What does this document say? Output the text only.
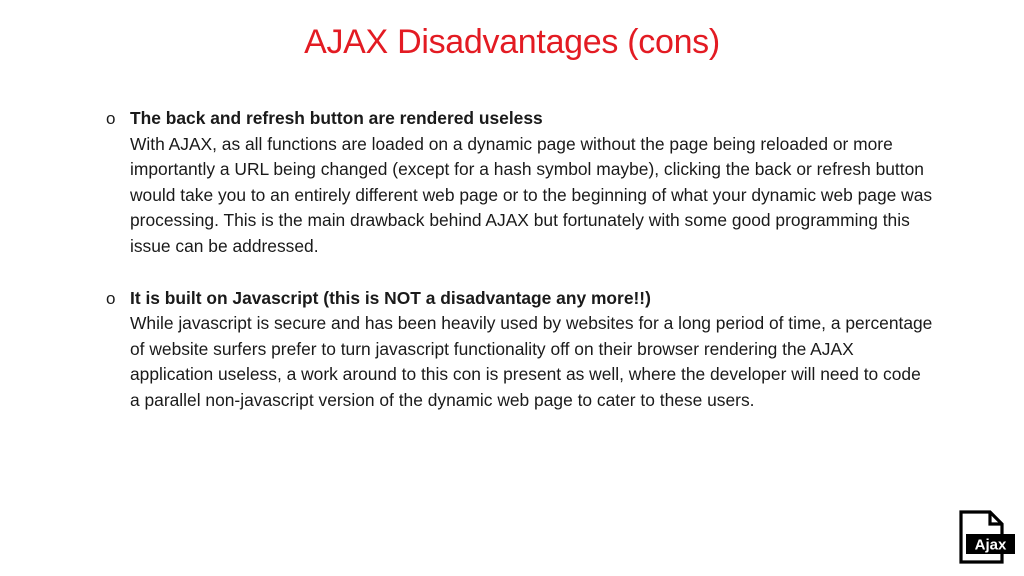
AJAX Disadvantages (cons)
o The back and refresh button are rendered useless
With AJAX, as all functions are loaded on a dynamic page without the page being reloaded or more importantly a URL being changed (except for a hash symbol maybe), clicking the back or refresh button would take you to an entirely different web page or to the beginning of what your dynamic web page was processing. This is the main drawback behind AJAX but fortunately with some good programming this issue can be addressed.
o It is built on Javascript (this is NOT a disadvantage any more!!)
While javascript is secure and has been heavily used by websites for a long period of time, a percentage of website surfers prefer to turn javascript functionality off on their browser rendering the AJAX application useless, a work around to this con is present as well, where the developer will need to code a parallel non-javascript version of the dynamic web page to cater to these users.
Ajax
